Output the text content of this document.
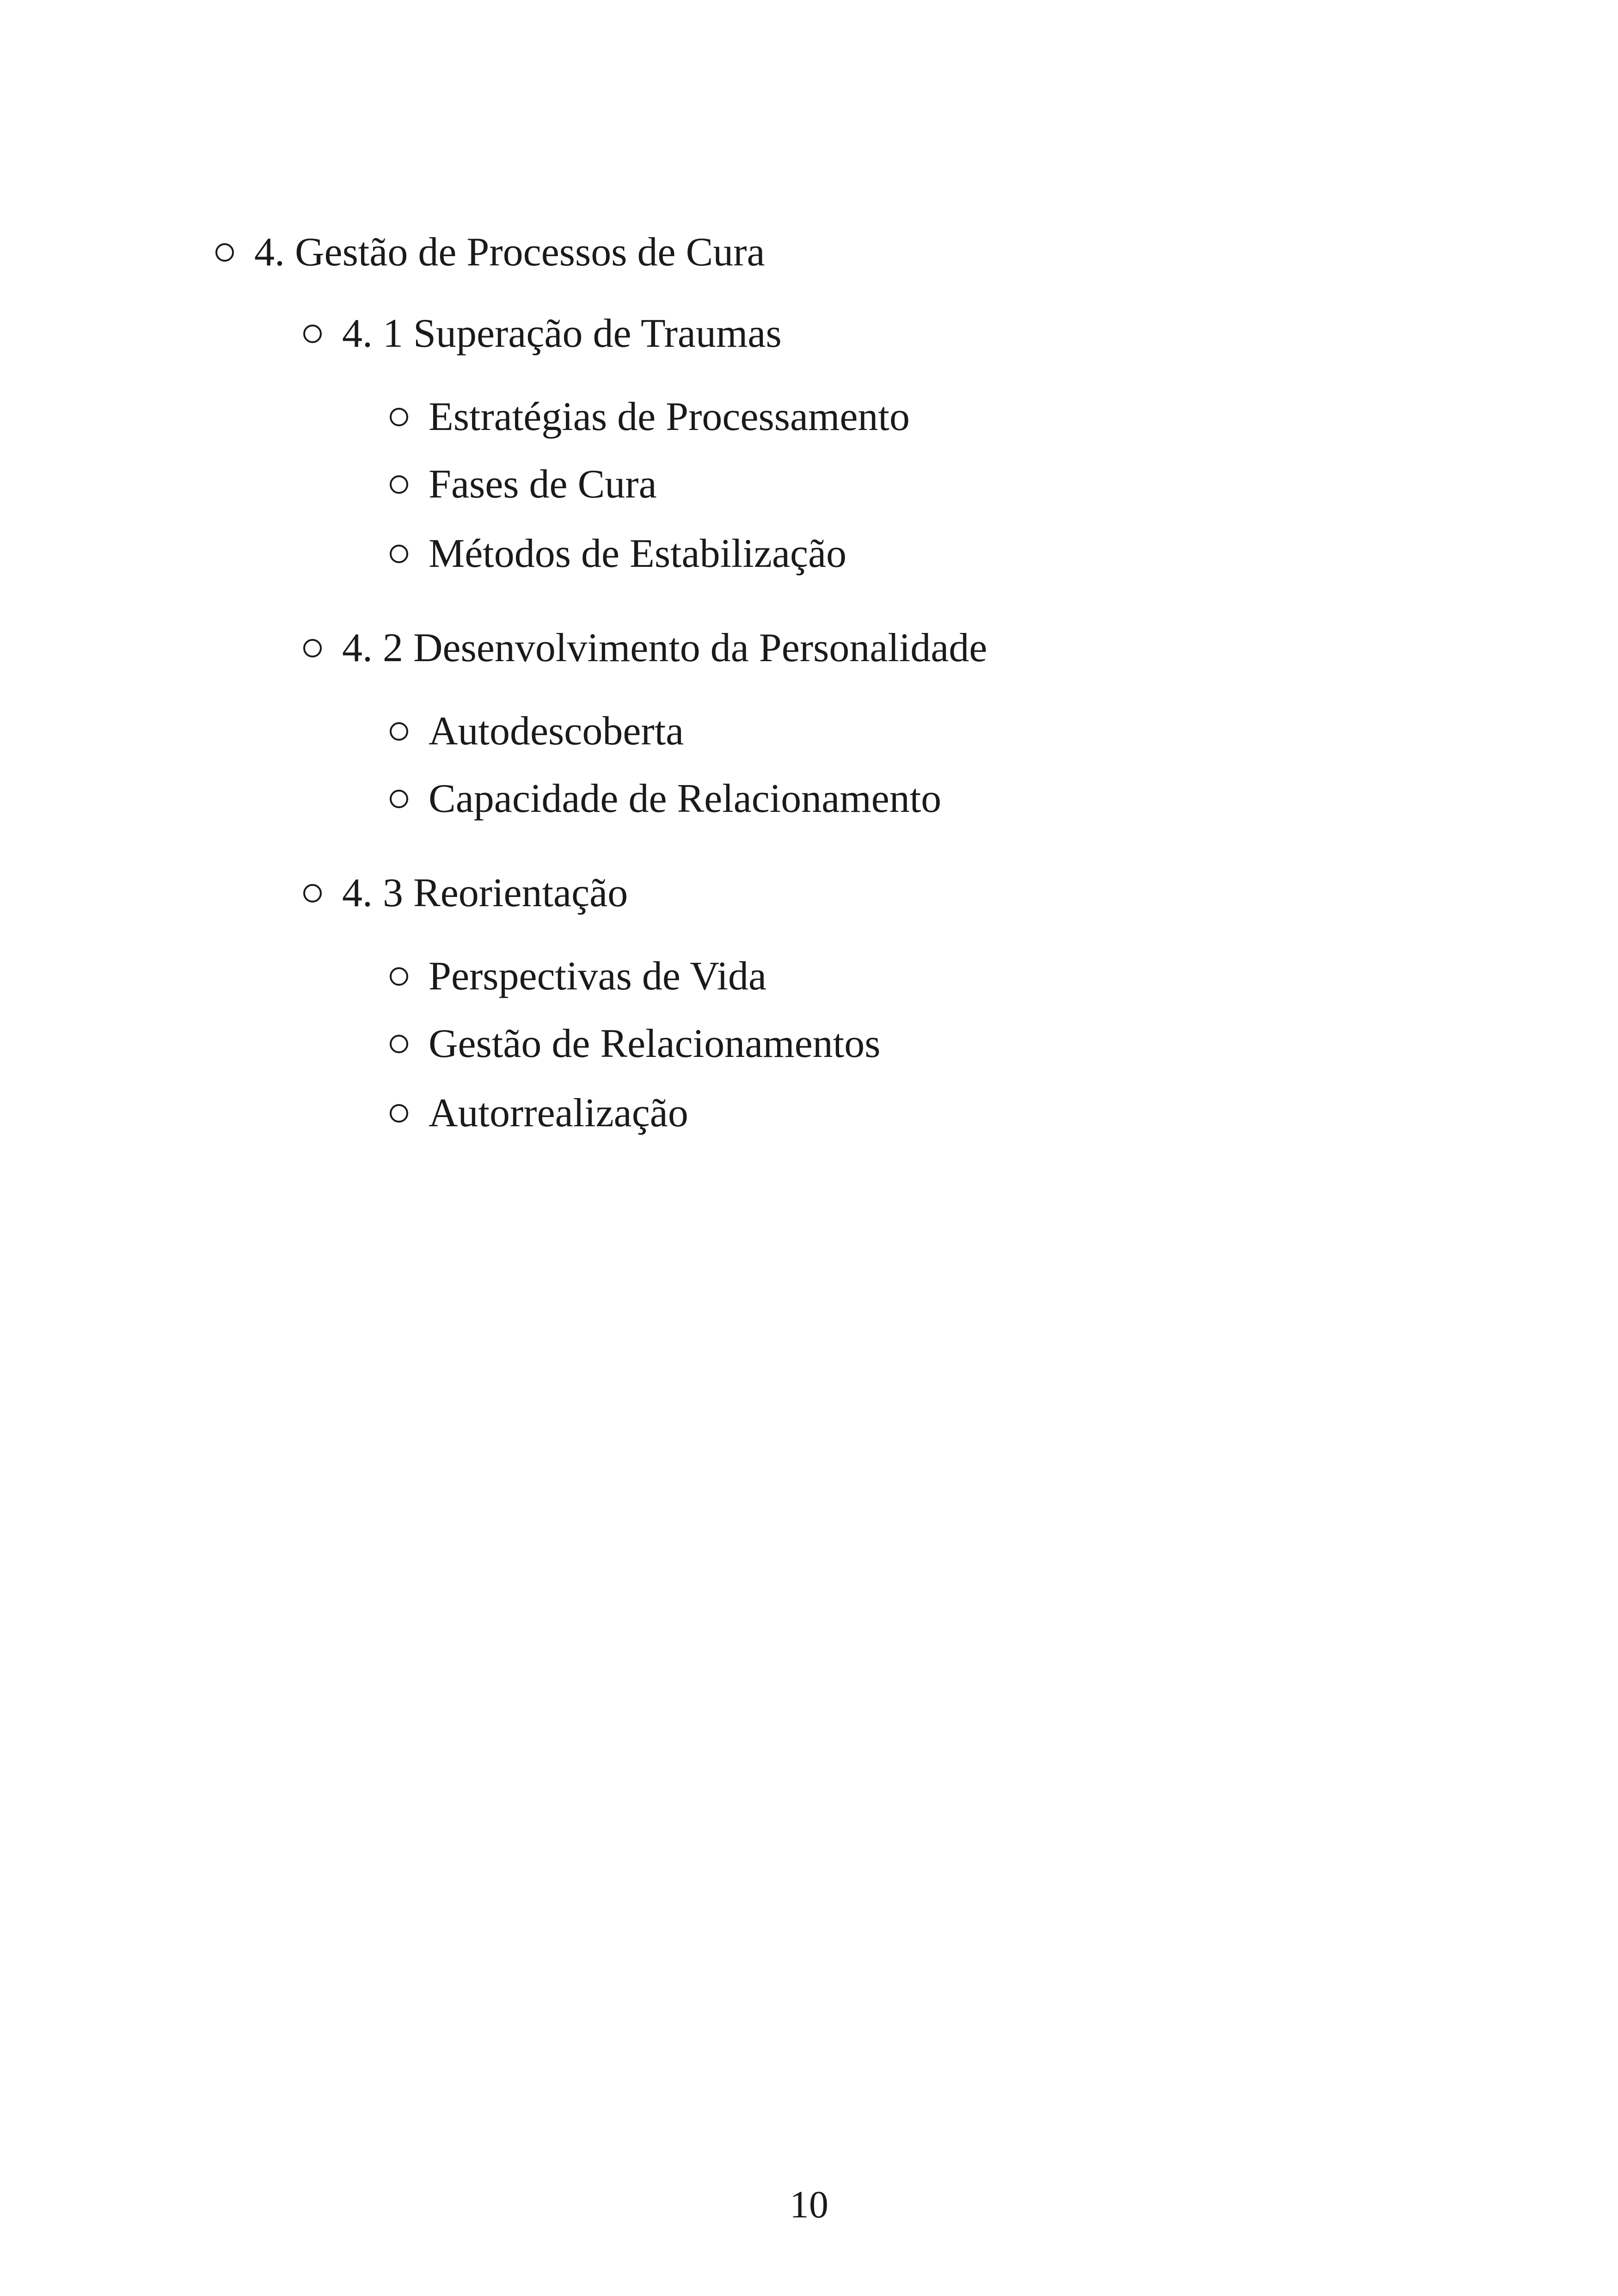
4. Gestão de Processos de Cura
4. 1 Superação de Traumas
Estratégias de Processamento
Fases de Cura
Métodos de Estabilização
4. 2 Desenvolvimento da Personalidade
Autodescoberta
Capacidade de Relacionamento
4. 3 Reorientação
Perspectivas de Vida
Gestão de Relacionamentos
Autorrealização
10
